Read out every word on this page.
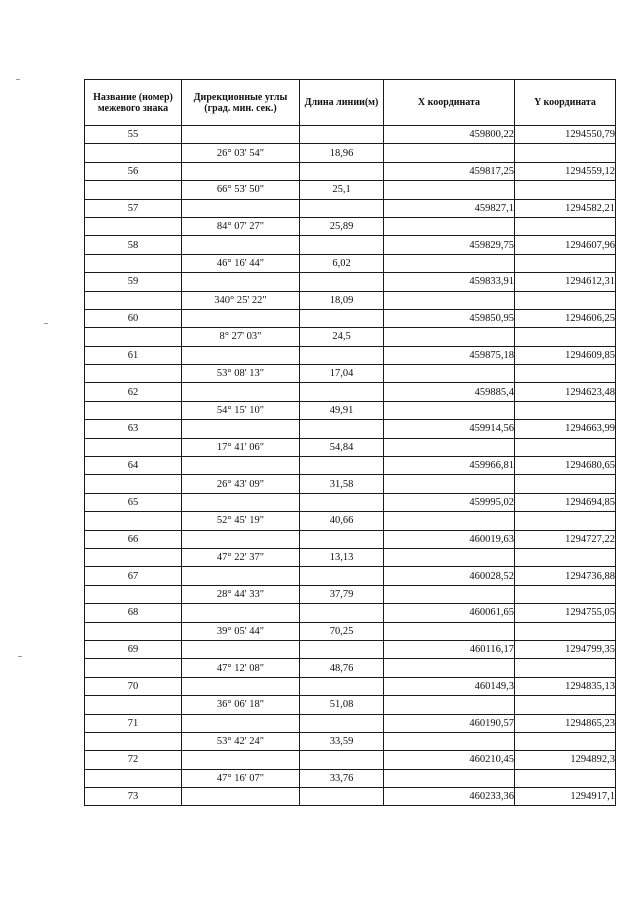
Название (номер) межевого знака	Дирекционные углы (град. мин. сек.)	Длина линии(м)	X координата	Y координата
55			459800,22	1294550,79
	26° 03' 54"	18,96		
56			459817,25	1294559,12
	66° 53' 50"	25,1		
57			459827,1	1294582,21
	84° 07' 27"	25,89		
58			459829,75	1294607,96
	46° 16' 44"	6,02		
59			459833,91	1294612,31
	340° 25' 22"	18,09		
60			459850,95	1294606,25
	8° 27' 03"	24,5		
61			459875,18	1294609,85
	53° 08' 13"	17,04		
62			459885,4	1294623,48
	54° 15' 10"	49,91		
63			459914,56	1294663,99
	17° 41' 06"	54,84		
64			459966,81	1294680,65
	26° 43' 09"	31,58		
65			459995,02	1294694,85
	52° 45' 19"	40,66		
66			460019,63	1294727,22
	47° 22' 37"	13,13		
67			460028,52	1294736,88
	28° 44' 33"	37,79		
68			460061,65	1294755,05
	39° 05' 44"	70,25		
69			460116,17	1294799,35
	47° 12' 08"	48,76		
70			460149,3	1294835,13
	36° 06' 18"	51,08		
71			460190,57	1294865,23
	53° 42' 24"	33,59		
72			460210,45	1294892,3
	47° 16' 07"	33,76		
73			460233,36	1294917,1
